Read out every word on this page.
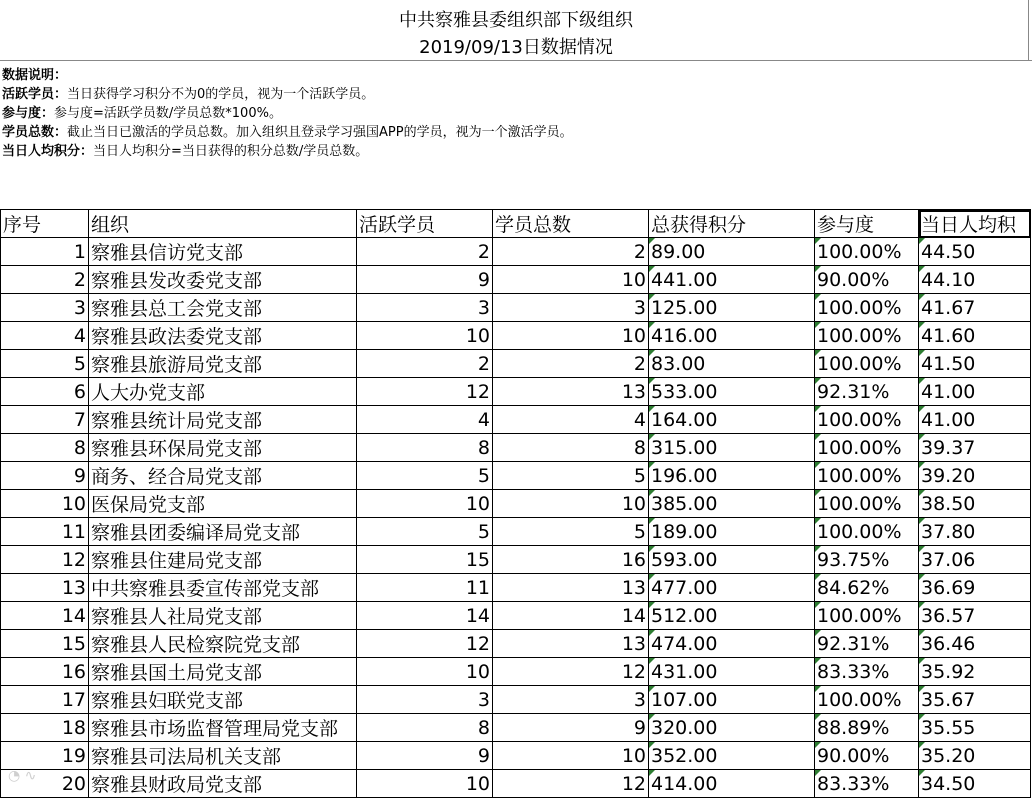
中共察雅县委组织部下级组织
2019/09/13日数据情况
数据说明：
活跃学员：当日获得学习积分不为0的学员，视为一个活跃学员。
参与度：参与度=活跃学员数/学员总数*100%。
学员总数：截止当日已激活的学员总数。加入组织且登录学习强国APP的学员，视为一个激活学员。
当日人均积分：当日人均积分=当日获得的积分总数/学员总数。
序号	组织	活跃学员	学员总数	总获得积分	参与度	当日人均积
1	察雅县信访党支部	2	2	89.00	100.00%	44.50
2	察雅县发改委党支部	9	10	441.00	90.00%	44.10
3	察雅县总工会党支部	3	3	125.00	100.00%	41.67
4	察雅县政法委党支部	10	10	416.00	100.00%	41.60
5	察雅县旅游局党支部	2	2	83.00	100.00%	41.50
6	人大办党支部	12	13	533.00	92.31%	41.00
7	察雅县统计局党支部	4	4	164.00	100.00%	41.00
8	察雅县环保局党支部	8	8	315.00	100.00%	39.37
9	商务、经合局党支部	5	5	196.00	100.00%	39.20
10	医保局党支部	10	10	385.00	100.00%	38.50
11	察雅县团委编译局党支部	5	5	189.00	100.00%	37.80
12	察雅县住建局党支部	15	16	593.00	93.75%	37.06
13	中共察雅县委宣传部党支部	11	13	477.00	84.62%	36.69
14	察雅县人社局党支部	14	14	512.00	100.00%	36.57
15	察雅县人民检察院党支部	12	13	474.00	92.31%	36.46
16	察雅县国土局党支部	10	12	431.00	83.33%	35.92
17	察雅县妇联党支部	3	3	107.00	100.00%	35.67
18	察雅县市场监督管理局党支部	8	9	320.00	88.89%	35.55
19	察雅县司法局机关支部	9	10	352.00	90.00%	35.20
20	察雅县财政局党支部	10	12	414.00	83.33%	34.50
◔ ∿
